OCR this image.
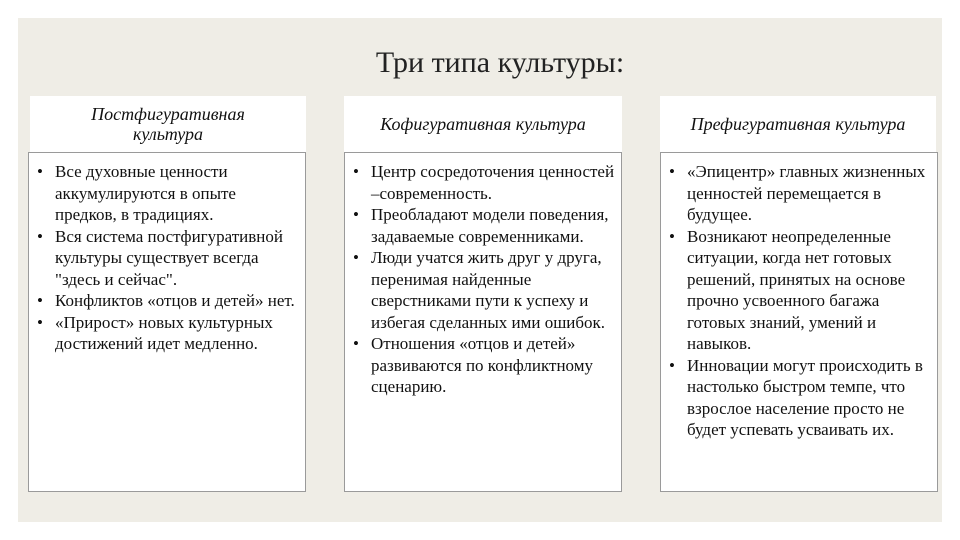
Три типа культуры:
Постфигуративная культура
• Все духовные ценности аккумулируются в опыте предков, в традициях.
• Вся система постфигуративной культуры существует всегда "здесь и сейчас".
• Конфликтов «отцов и детей» нет.
• «Прирост» новых культурных достижений идет медленно.
Кофигуративная культура
• Центр сосредоточения ценностей –современность.
• Преобладают модели поведения, задаваемые современниками.
• Люди учатся жить друг у друга, перенимая найденные сверстниками пути к успеху и избегая сделанных ими ошибок.
• Отношения «отцов и детей» развиваются по конфликтному сценарию.
Префигуративная культура
• «Эпицентр» главных жизненных ценностей перемещается в будущее.
• Возникают неопределенные ситуации, когда нет готовых решений, принятых на основе прочно усвоенного багажа готовых знаний, умений и навыков.
• Инновации могут происходить в настолько быстром темпе, что взрослое население просто не будет успевать усваивать их.
